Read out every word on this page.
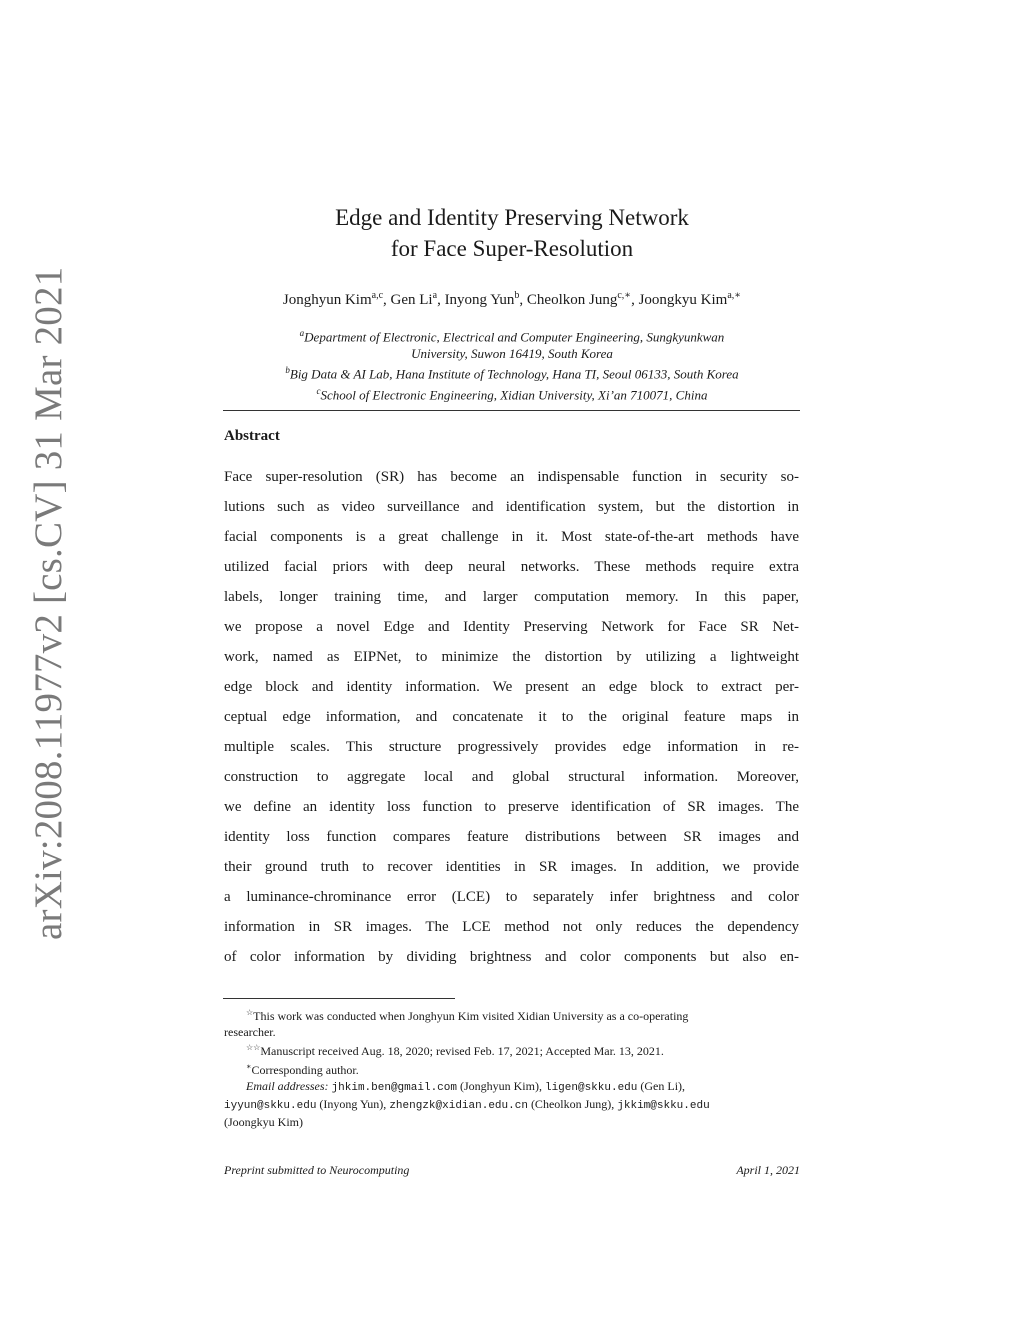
arXiv:2008.11977v2 [cs.CV] 31 Mar 2021
Edge and Identity Preserving Network
for Face Super-Resolution
Jonghyun Kim$^{a,c}$, Gen Li$^a$, Inyong Yun$^b$, Cheolkon Jung$^{c,∗}$, Joongkyu Kim$^{a,∗}$
$^a$Department of Electronic, Electrical and Computer Engineering, Sungkyunkwan
University, Suwon 16419, South Korea
$^b$Big Data & AI Lab, Hana Institute of Technology, Hana TI, Seoul 06133, South Korea
$^c$School of Electronic Engineering, Xidian University, Xi’an 710071, China
Abstract
Face super-resolution (SR) has become an indispensable function in security so-
lutions such as video surveillance and identification system, but the distortion in
facial components is a great challenge in it. Most state-of-the-art methods have
utilized facial priors with deep neural networks. These methods require extra
labels, longer training time, and larger computation memory. In this paper,
we propose a novel Edge and Identity Preserving Network for Face SR Net-
work, named as EIPNet, to minimize the distortion by utilizing a lightweight
edge block and identity information. We present an edge block to extract per-
ceptual edge information, and concatenate it to the original feature maps in
multiple scales. This structure progressively provides edge information in re-
construction to aggregate local and global structural information. Moreover,
we define an identity loss function to preserve identification of SR images. The
identity loss function compares feature distributions between SR images and
their ground truth to recover identities in SR images. In addition, we provide
a luminance-chrominance error (LCE) to separately infer brightness and color
information in SR images. The LCE method not only reduces the dependency
of color information by dividing brightness and color components but also en-
☆This work was conducted when Jonghyun Kim visited Xidian University as a co-operating
researcher.
☆☆Manuscript received Aug. 18, 2020; revised Feb. 17, 2021; Accepted Mar. 13, 2021.
∗Corresponding author.
Email addresses: jhkim.ben@gmail.com (Jonghyun Kim), ligen@skku.edu (Gen Li),
iyyun@skku.edu (Inyong Yun), zhengzk@xidian.edu.cn (Cheolkon Jung), jkkim@skku.edu
(Joongkyu Kim)
Preprint submitted to Neurocomputing	April 1, 2021
